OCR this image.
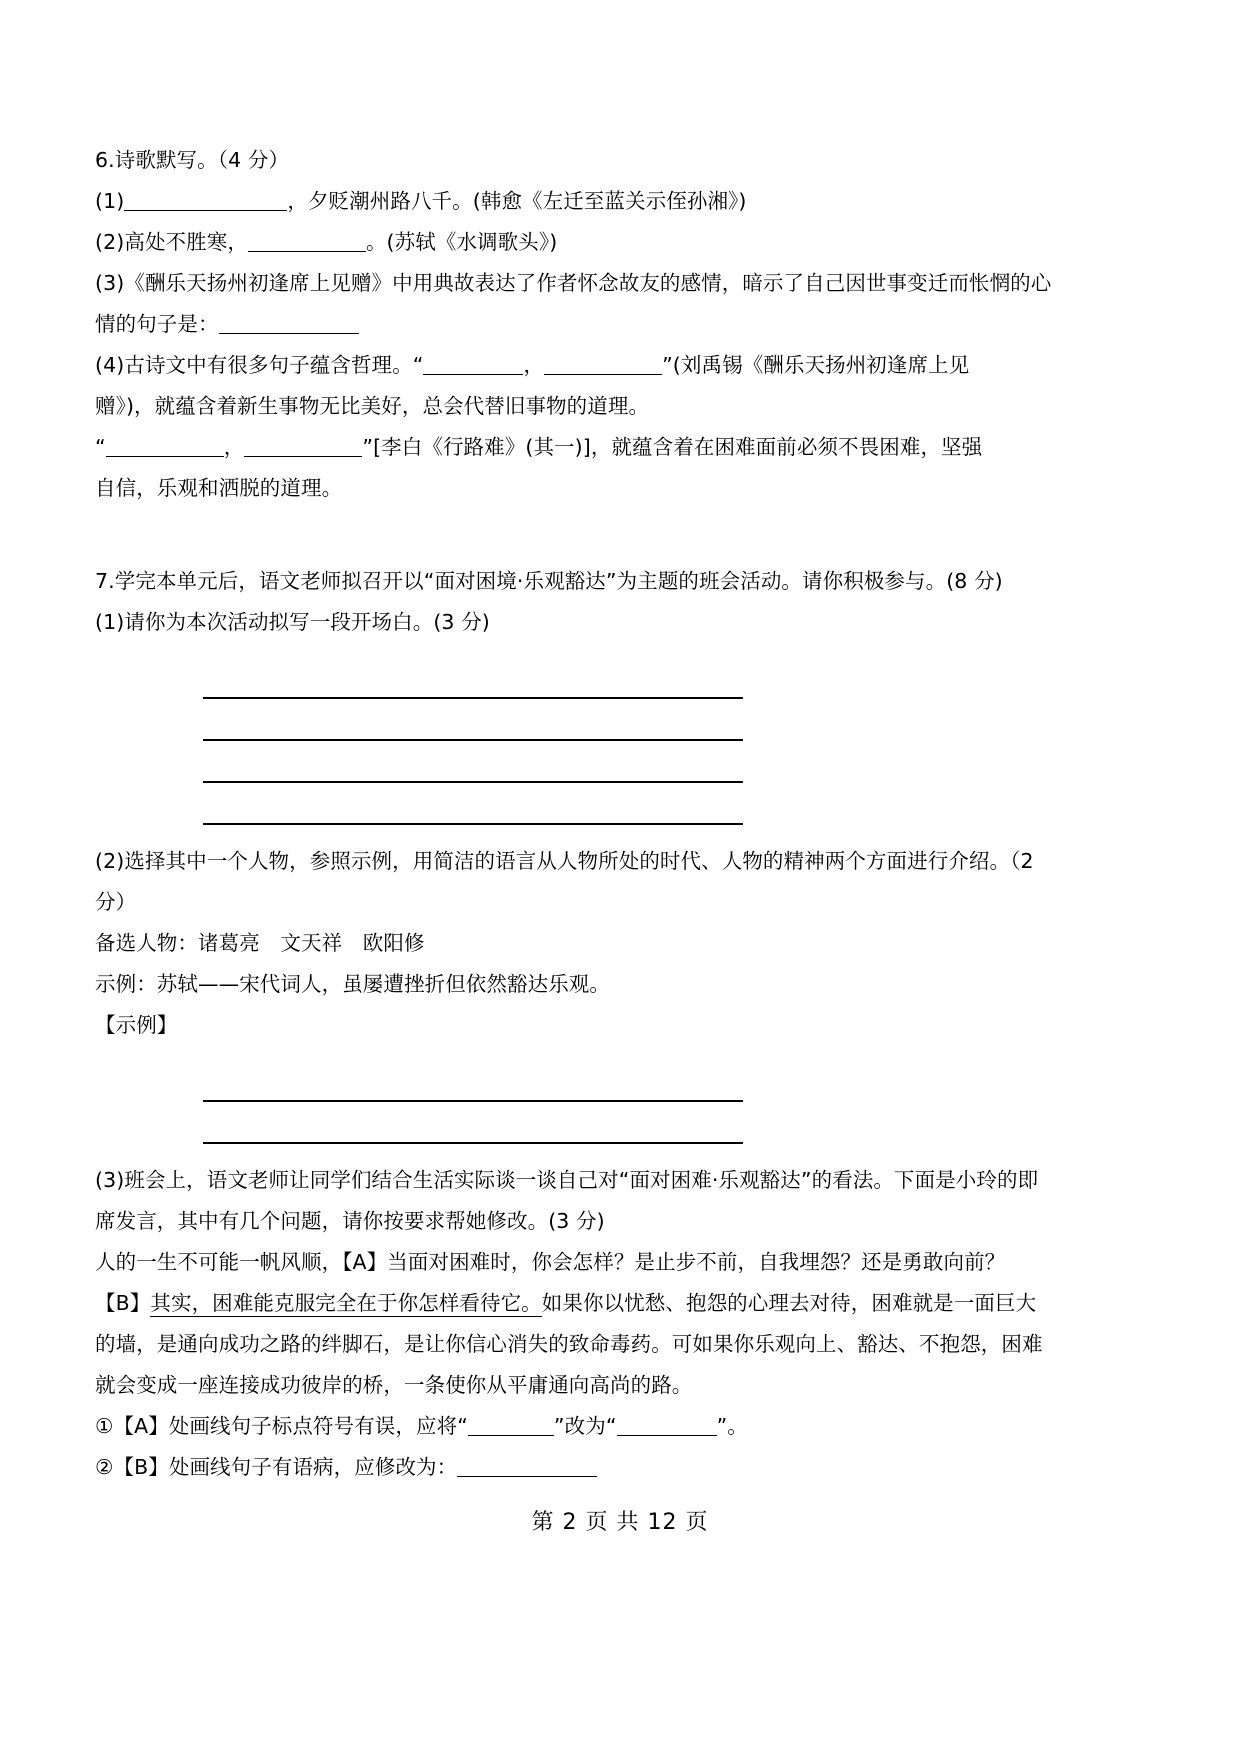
6.诗歌默写。（4 分）
(1)	，夕贬潮州路八千。(韩愈《左迁至蓝关示侄孙湘》)
(2)高处不胜寒，	。(苏轼《水调歌头》)
(3)《酬乐天扬州初逢席上见赠》中用典故表达了作者怀念故友的感情，暗示了自己因世事变迁而怅惘的心
情的句子是：
(4)古诗文中有很多句子蕴含哲理。“	，	”(刘禹锡《酬乐天扬州初逢席上见
赠》)，就蕴含着新生事物无比美好，总会代替旧事物的道理。
“	，	”[李白《行路难》(其一)]，就蕴含着在困难面前必须不畏困难，坚强
自信，乐观和洒脱的道理。
7.学完本单元后，语文老师拟召开以“面对困境·乐观豁达”为主题的班会活动。请你积极参与。(8 分)
(1)请你为本次活动拟写一段开场白。(3 分)
(2)选择其中一个人物，参照示例，用简洁的语言从人物所处的时代、人物的精神两个方面进行介绍。（2
分）
备选人物：诸葛亮　文天祥　欧阳修
示例：苏轼——宋代词人，虽屡遭挫折但依然豁达乐观。
【示例】
(3)班会上，语文老师让同学们结合生活实际谈一谈自己对“面对困难·乐观豁达”的看法。下面是小玲的即
席发言，其中有几个问题，请你按要求帮她修改。(3 分)
人的一生不可能一帆风顺，【A】当面对困难时，你会怎样？是止步不前，自我埋怨？还是勇敢向前？
【B】其实，困难能克服完全在于你怎样看待它。如果你以忧愁、抱怨的心理去对待，困难就是一面巨大
的墙，是通向成功之路的绊脚石，是让你信心消失的致命毒药。可如果你乐观向上、豁达、不抱怨，困难
就会变成一座连接成功彼岸的桥，一条使你从平庸通向高尚的路。
①【A】处画线句子标点符号有误，应将“	”改为“	”。
②【B】处画线句子有语病，应修改为：
第 2 页 共 12 页
